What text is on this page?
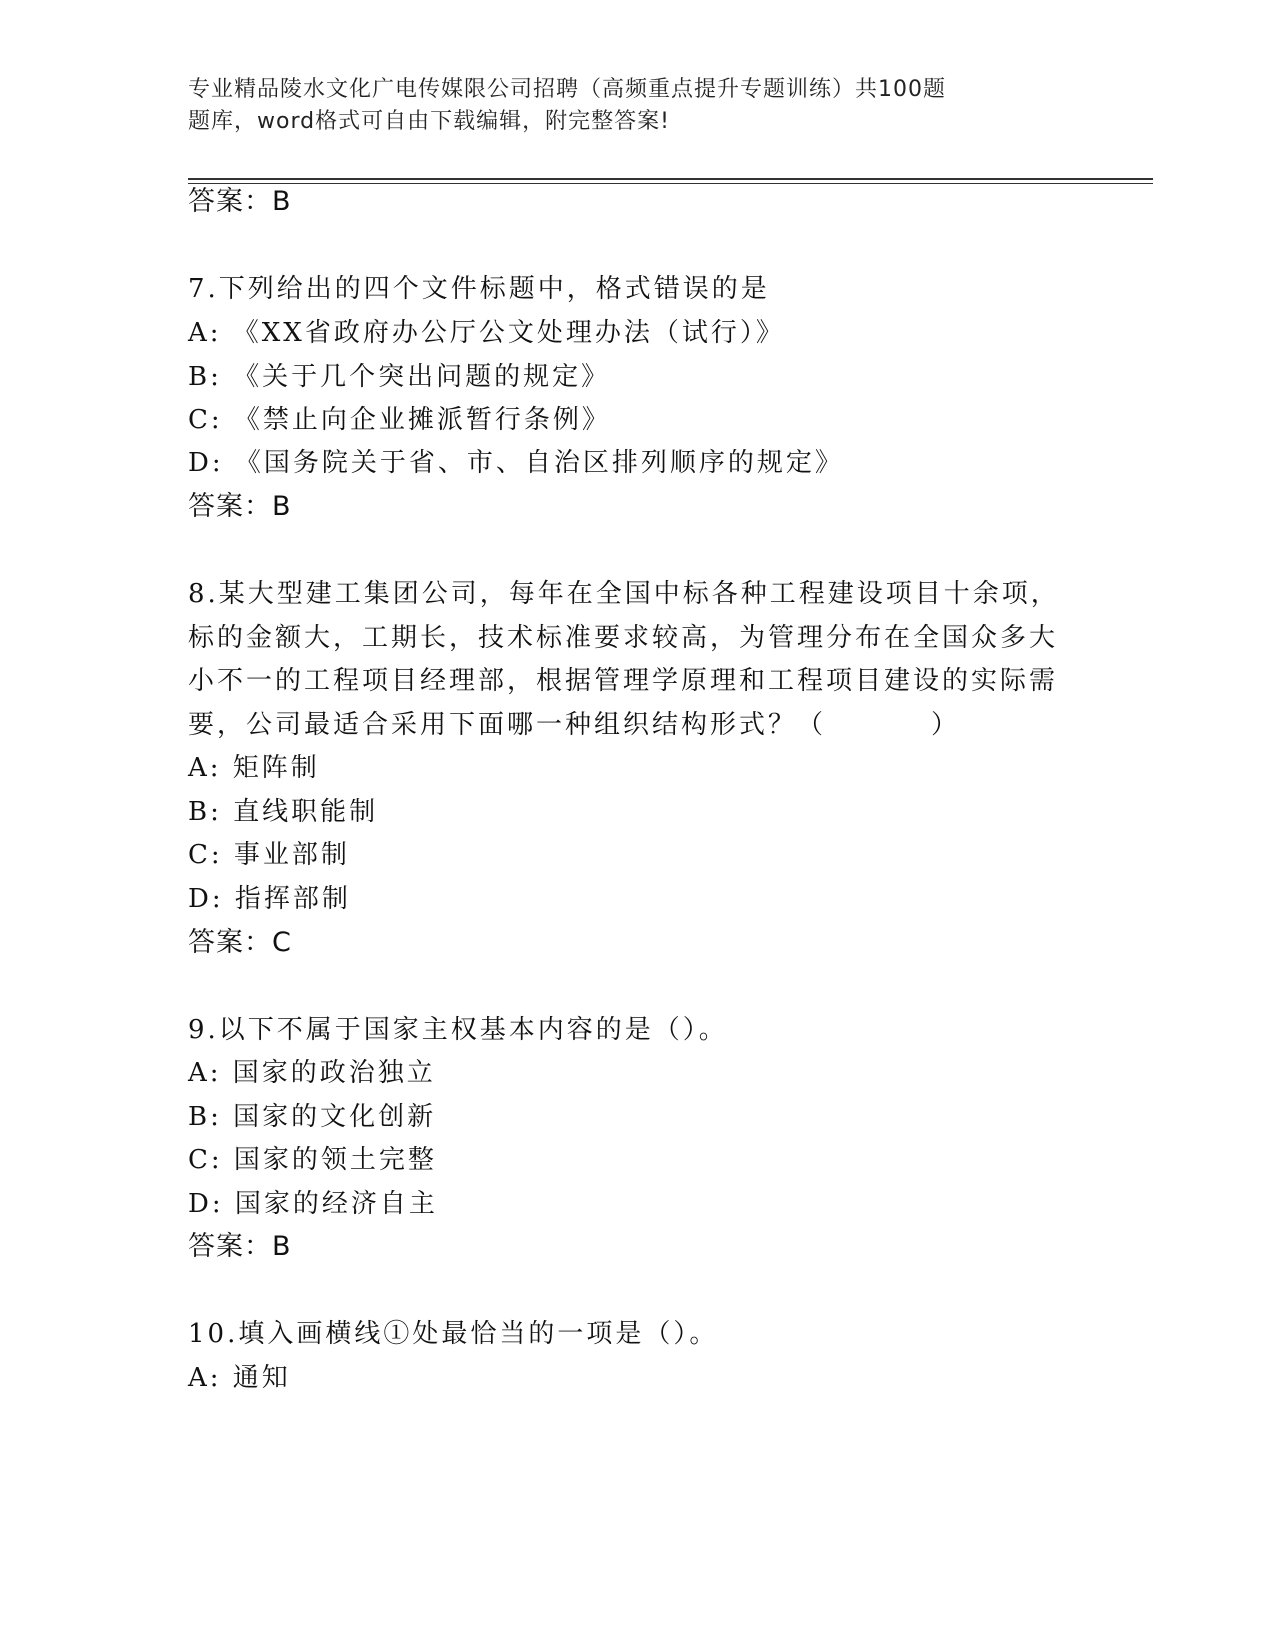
专业精品陵水文化广电传媒限公司招聘（高频重点提升专题训练）共100题
题库，word格式可自由下载编辑，附完整答案!
答案：B
7.下列给出的四个文件标题中，格式错误的是
A: 《XX省政府办公厅公文处理办法（试行）》
B: 《关于几个突出问题的规定》
C: 《禁止向企业摊派暂行条例》
D: 《国务院关于省、市、自治区排列顺序的规定》
答案：B
8.某大型建工集团公司，每年在全国中标各种工程建设项目十余项，
标的金额大，工期长，技术标准要求较高，为管理分布在全国众多大
小不一的工程项目经理部，根据管理学原理和工程项目建设的实际需
要，公司最适合采用下面哪一种组织结构形式？（	）
A: 矩阵制
B: 直线职能制
C: 事业部制
D: 指挥部制
答案：C
9.以下不属于国家主权基本内容的是（）。
A: 国家的政治独立
B: 国家的文化创新
C: 国家的领土完整
D: 国家的经济自主
答案：B
10.填入画横线①处最恰当的一项是（）。
A: 通知
